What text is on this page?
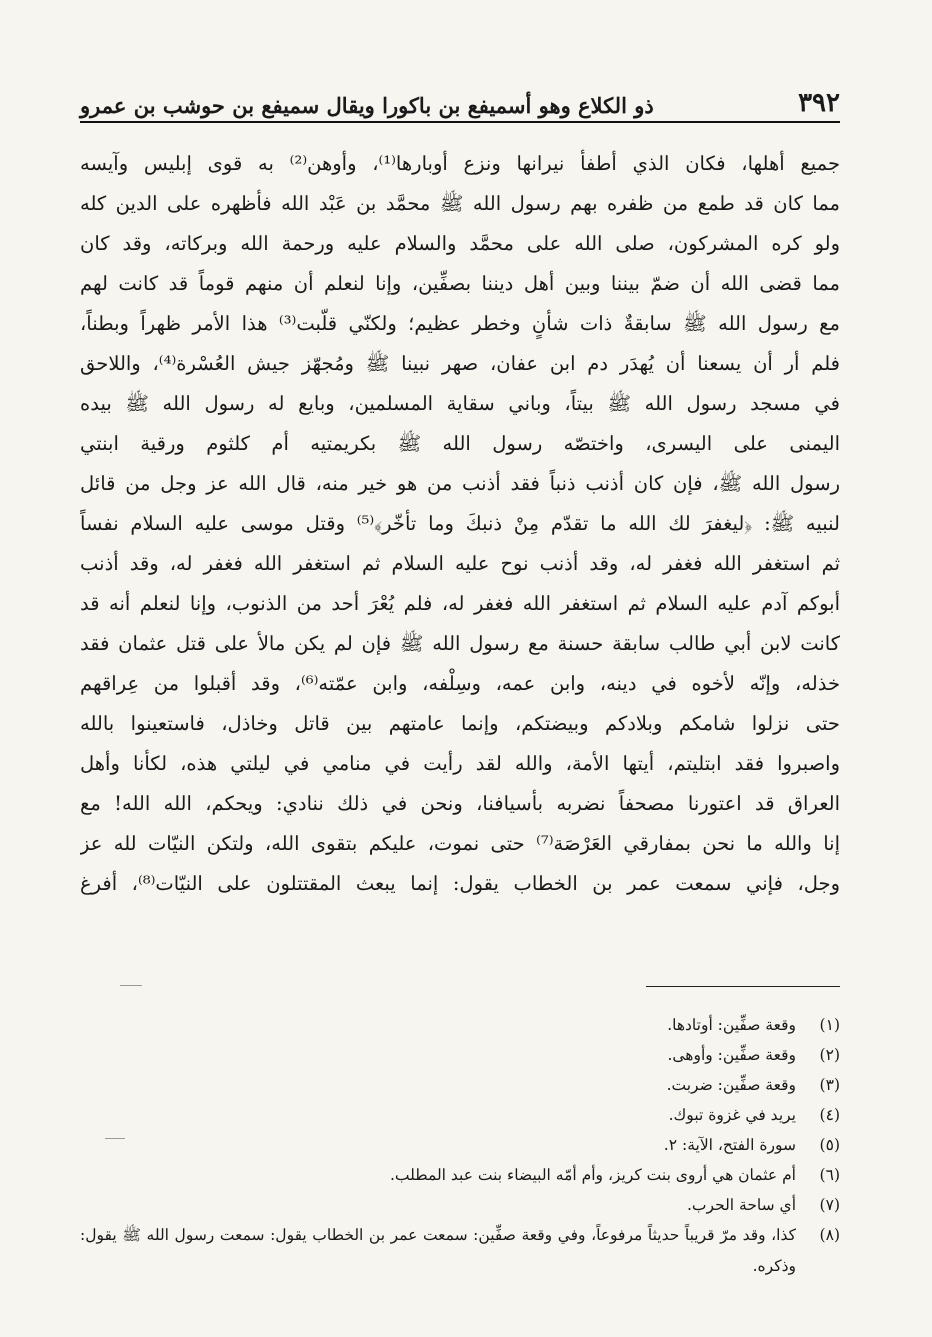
٣٩٢
ذو الكلاع وهو أسميفع بن باكورا ويقال سميفع بن حوشب بن عمرو
جميع أهلها، فكان الذي أطفأ نيرانها ونزع أوبارها⁽¹⁾، وأوهن⁽²⁾ به قوى إبليس وآيسه
مما كان قد طمع من ظفره بهم رسول الله ﷺ محمَّد بن عَبْد الله فأظهره على الدين كله
ولو كره المشركون، صلى الله على محمَّد والسلام عليه ورحمة الله وبركاته، وقد كان
مما قضى الله أن ضمّ بيننا وبين أهل ديننا بصفِّين، وإنا لنعلم أن منهم قوماً قد كانت لهم
مع رسول الله ﷺ سابقةٌ ذات شأنٍ وخطر عظيم؛ ولكنّي قلّبت⁽³⁾ هذا الأمر ظهراً وبطناً،
فلم أر أن يسعنا أن يُهدَر دم ابن عفان، صهر نبينا ﷺ ومُجهّز جيش العُسْرة⁽⁴⁾، واللاحق
في مسجد رسول الله ﷺ بيتاً، وباني سقاية المسلمين، وبايع له رسول الله ﷺ بيده
اليمنى على اليسرى، واختصّه رسول الله ﷺ بكريمتيه أم كلثوم ورقية ابنتي
رسول الله ﷺ، فإن كان أذنب ذنباً فقد أذنب من هو خير منه، قال الله عز وجل من قائل
لنبيه ﷺ: ﴿ليغفرَ لك الله ما تقدّم مِنْ ذنبكَ وما تأخّر﴾⁽⁵⁾ وقتل موسى عليه السلام نفساً
ثم استغفر الله فغفر له، وقد أذنب نوح عليه السلام ثم استغفر الله فغفر له، وقد أذنب
أبوكم آدم عليه السلام ثم استغفر الله فغفر له، فلم يُعْرَ أحد من الذنوب، وإنا لنعلم أنه قد
كانت لابن أبي طالب سابقة حسنة مع رسول الله ﷺ فإن لم يكن مالأ على قتل عثمان فقد
خذله، وإنّه لأخوه في دينه، وابن عمه، وسِلْفه، وابن عمّته⁽⁶⁾، وقد أقبلوا من عِراقهم
حتى نزلوا شامكم وبلادكم وبيضتكم، وإنما عامتهم بين قاتل وخاذل، فاستعينوا بالله
واصبروا فقد ابتليتم، أيتها الأمة، والله لقد رأيت في منامي في ليلتي هذه، لكأنا وأهل
العراق قد اعتورنا مصحفاً نضربه بأسيافنا، ونحن في ذلك ننادي: ويحكم، الله الله! مع
إنا والله ما نحن بمفارقي العَرْصَة⁽⁷⁾ حتى نموت، عليكم بتقوى الله، ولتكن النيّات لله عز
وجل، فإني سمعت عمر بن الخطاب يقول: إنما يبعث المقتتلون على النيّات⁽⁸⁾، أفرغ
(١)
وقعة صفِّين: أوتادها.
(٢)
وقعة صفِّين: وأوهى.
(٣)
وقعة صفِّين: ضربت.
(٤)
يريد في غزوة تبوك.
(٥)
سورة الفتح، الآية: ٢.
(٦)
أم عثمان هي أروى بنت كريز، وأم أمّه البيضاء بنت عبد المطلب.
(٧)
أي ساحة الحرب.
(٨)
كذا، وقد مرّ قريباً حديثاً مرفوعاً، وفي وقعة صفِّين: سمعت عمر بن الخطاب يقول: سمعت رسول الله ﷺ يقول: وذكره.
